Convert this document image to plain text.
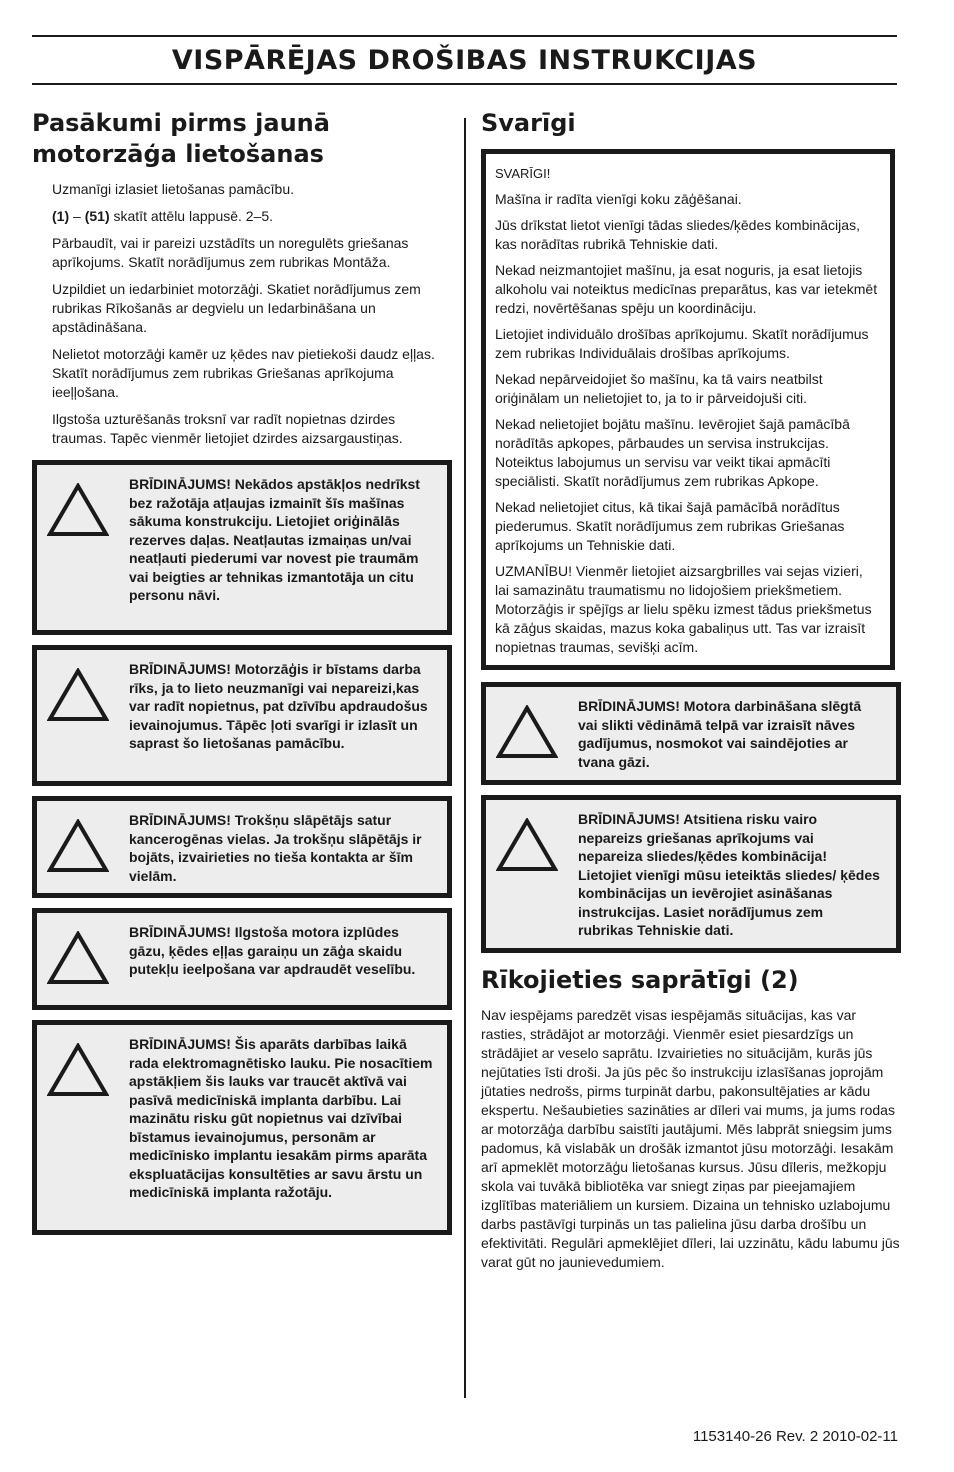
VISPĀRĒJAS DROŠIBAS INSTRUKCIJAS
Pasākumi pirms jaunā motorzāģa lietošanas

Uzmanīgi izlasiet lietošanas pamācību.

(1) – (51) skatīt attēlu lappusē. 2–5.

Pārbaudīt, vai ir pareizi uzstādīts un noregulēts griešanas aprīkojums. Skatīt norādījumus zem rubrikas Montāža.

Uzpildiet un iedarbiniet motorzāģi. Skatiet norādījumus zem rubrikas Rīkošanās ar degvielu un Iedarbināšana un apstādināšana.

Nelietot motorzāģi kamēr uz ķēdes nav pietiekoši daudz eļļas. Skatīt norādījumus zem rubrikas Griešanas aprīkojuma ieeļļošana.

Ilgstoša uzturēšanās troksnī var radīt nopietnas dzirdes traumas. Tapēc vienmēr lietojiet dzirdes aizsargaustiņas.

BRĪDINĀJUMS! Nekādos apstākļos nedrīkst bez ražotāja atļaujas izmainīt šīs mašīnas sākuma konstrukciju. Lietojiet oriģinālās rezerves daļas. Neatļautas izmaiņas un/vai neatļauti piederumi var novest pie traumām vai beigties ar tehnikas izmantotāja un citu personu nāvi.
BRĪDINĀJUMS! Motorzāģis ir bīstams darba rīks, ja to lieto neuzmanīgi vai nepareizi,kas var radīt nopietnus, pat dzīvību apdraudošus ievainojumus. Tāpēc ļoti svarīgi ir izlasīt un saprast šo lietošanas pamācību.
BRĪDINĀJUMS! Trokšņu slāpētājs satur kancerogēnas vielas. Ja trokšņu slāpētājs ir bojāts, izvairieties no tieša kontakta ar šīm vielām.
BRĪDINĀJUMS! Ilgstoša motora izplūdes gāzu, ķēdes eļļas garaiņu un zāģa skaidu putekļu ieelpošana var apdraudēt veselību.
BRĪDINĀJUMS! Šis aparāts darbības laikā rada elektromagnētisko lauku. Pie nosacītiem apstākļiem šis lauks var traucēt aktīvā vai pasīvā medicīniskā implanta darbību. Lai mazinātu risku gūt nopietnus vai dzīvībai bīstamus ievainojumus, personām ar medicīnisko implantu iesakām pirms aparāta ekspluatācijas konsultēties ar savu ārstu un medicīniskā implanta ražotāju.
Svarīgi

SVARĪGI!

Mašīna ir radīta vienīgi koku zāģēšanai.

Jūs drīkstat lietot vienīgi tādas sliedes/ķēdes kombinācijas, kas norādītas rubrikā Tehniskie dati.

Nekad neizmantojiet mašīnu, ja esat noguris, ja esat lietojis alkoholu vai noteiktus medicīnas preparātus, kas var ietekmēt redzi, novērtēšanas spēju un koordināciju.

Lietojiet individuālo drošības aprīkojumu. Skatīt norādījumus zem rubrikas Individuālais drošības aprīkojums.

Nekad nepārveidojiet šo mašīnu, ka tā vairs neatbilst oriģinālam un nelietojiet to, ja to ir pārveidojuši citi.

Nekad nelietojiet bojātu mašīnu. Ievērojiet šajā pamācībā norādītās apkopes, pārbaudes un servisa instrukcijas. Noteiktus labojumus un servisu var veikt tikai apmācīti speciālisti. Skatīt norādījumus zem rubrikas Apkope.

Nekad nelietojiet citus, kā tikai šajā pamācībā norādītus piederumus. Skatīt norādījumus zem rubrikas Griešanas aprīkojums un Tehniskie dati.

UZMANĪBU! Vienmēr lietojiet aizsargbrilles vai sejas vizieri, lai samazinātu traumatismu no lidojošiem priekšmetiem. Motorzāģis ir spējīgs ar lielu spēku izmest tādus priekšmetus kā zāģus skaidas, mazus koka gabaliņus utt. Tas var izraisīt nopietnas traumas, sevišķi acīm.

BRĪDINĀJUMS! Motora darbināšana slēgtā vai slikti vēdināmā telpā var izraisīt nāves gadījumus, nosmokot vai saindējoties ar tvana gāzi.
BRĪDINĀJUMS! Atsitiena risku vairo nepareizs griešanas aprīkojums vai nepareiza sliedes/ķēdes kombinācija! Lietojiet vienīgi mūsu ieteiktās sliedes/ ķēdes kombinācijas un ievērojiet asināšanas instrukcijas. Lasiet norādījumus zem rubrikas Tehniskie dati.
Rīkojieties saprātīgi (2)

Nav iespējams paredzēt visas iespējamās situācijas, kas var rasties, strādājot ar motorzāģi. Vienmēr esiet piesardzīgs un strādājiet ar veselo saprātu. Izvairieties no situācijām, kurās jūs nejūtaties īsti droši. Ja jūs pēc šo instrukciju izlasīšanas joprojām jūtaties nedrošs, pirms turpināt darbu, pakonsultējaties ar kādu ekspertu. Nešaubieties sazināties ar dīleri vai mums, ja jums rodas ar motorzāģa darbību saistīti jautājumi. Mēs labprāt sniegsim jums padomus, kā vislabāk un drošāk izmantot jūsu motorzāģi. Iesakām arī apmeklēt motorzāģu lietošanas kursus. Jūsu dīleris, mežkopju skola vai tuvākā bibliotēka var sniegt ziņas par pieejamajiem izglītības materiāliem un kursiem. Dizaina un tehnisko uzlabojumu darbs pastāvīgi turpinās un tas palielina jūsu darba drošību un efektivitāti. Regulāri apmeklējiet dīleri, lai uzzinātu, kādu labumu jūs varat gūt no jaunievedumiem.

1153140-26 Rev. 2 2010-02-11
